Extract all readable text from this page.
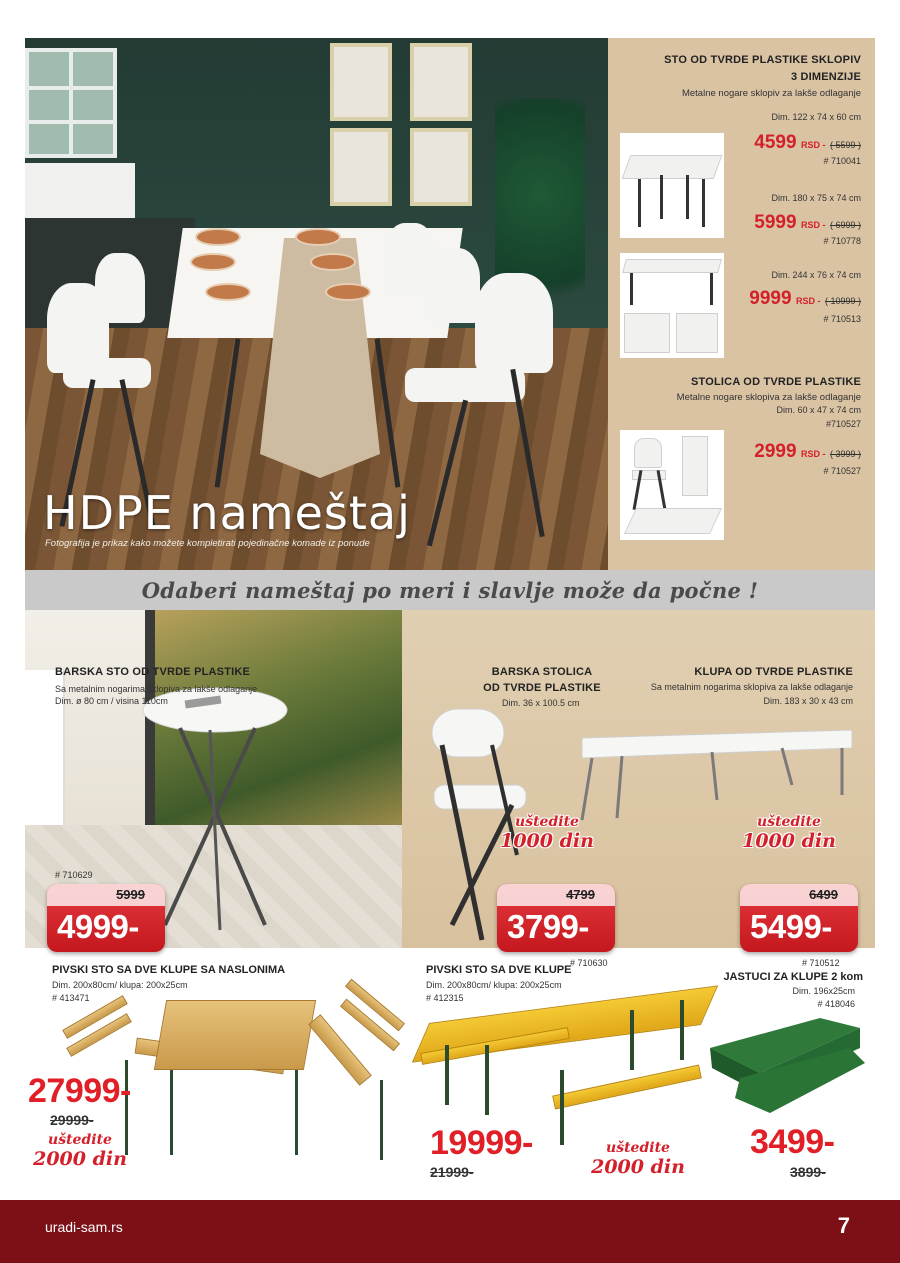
HDPE nameštaj
Fotografija je prikaz kako možete kompletirati pojedinačne komade iz ponude
STO OD TVRDE PLASTIKE SKLOPIV
3 DIMENZIJE
Metalne nogare sklopiv za lakše odlaganje
Dim. 122 x 74 x 60 cm
4599 RSD - ( 5599 )
# 710041
Dim. 180 x 75 x 74 cm
5999 RSD - ( 6999 )
# 710778
Dim. 244 x 76 x 74 cm
9999 RSD - ( 10999 )
# 710513
STOLICA OD TVRDE PLASTIKE
Metalne nogare sklopiva za lakše odlaganje
Dim. 60 x 47 x 74 cm
#710527
2999 RSD - ( 3999 )
# 710527
Odaberi nameštaj po meri i slavlje može da počne !
BARSKA STO OD TVRDE PLASTIKE
Sa metalnim nogarima sklopiva za lakše odlaganje
Dim. ø 80 cm / visina 110cm
# 710629
5999
4999-
BARSKA STOLICA
OD TVRDE PLASTIKE
Dim. 36 x 100.5 cm
KLUPA OD TVRDE PLASTIKE
Sa metalnim nogarima sklopiva za lakše odlaganje
Dim. 183 x 30 x 43 cm
uštedite
1000 din
uštedite
1000 din
4799
3799-
# 710630
6499
5499-
# 710512
PIVSKI STO SA DVE KLUPE SA NASLONIMA
Dim. 200x80cm/ klupa: 200x25cm
# 413471
27999-
29999-
uštedite
2000 din
PIVSKI STO SA DVE KLUPE
Dim. 200x80cm/ klupa: 200x25cm
# 412315
19999-
21999-
uštedite
2000 din
JASTUCI ZA KLUPE 2 kom
Dim. 196x25cm
# 418046
3499-
3899-
uradi-sam.rs	7
